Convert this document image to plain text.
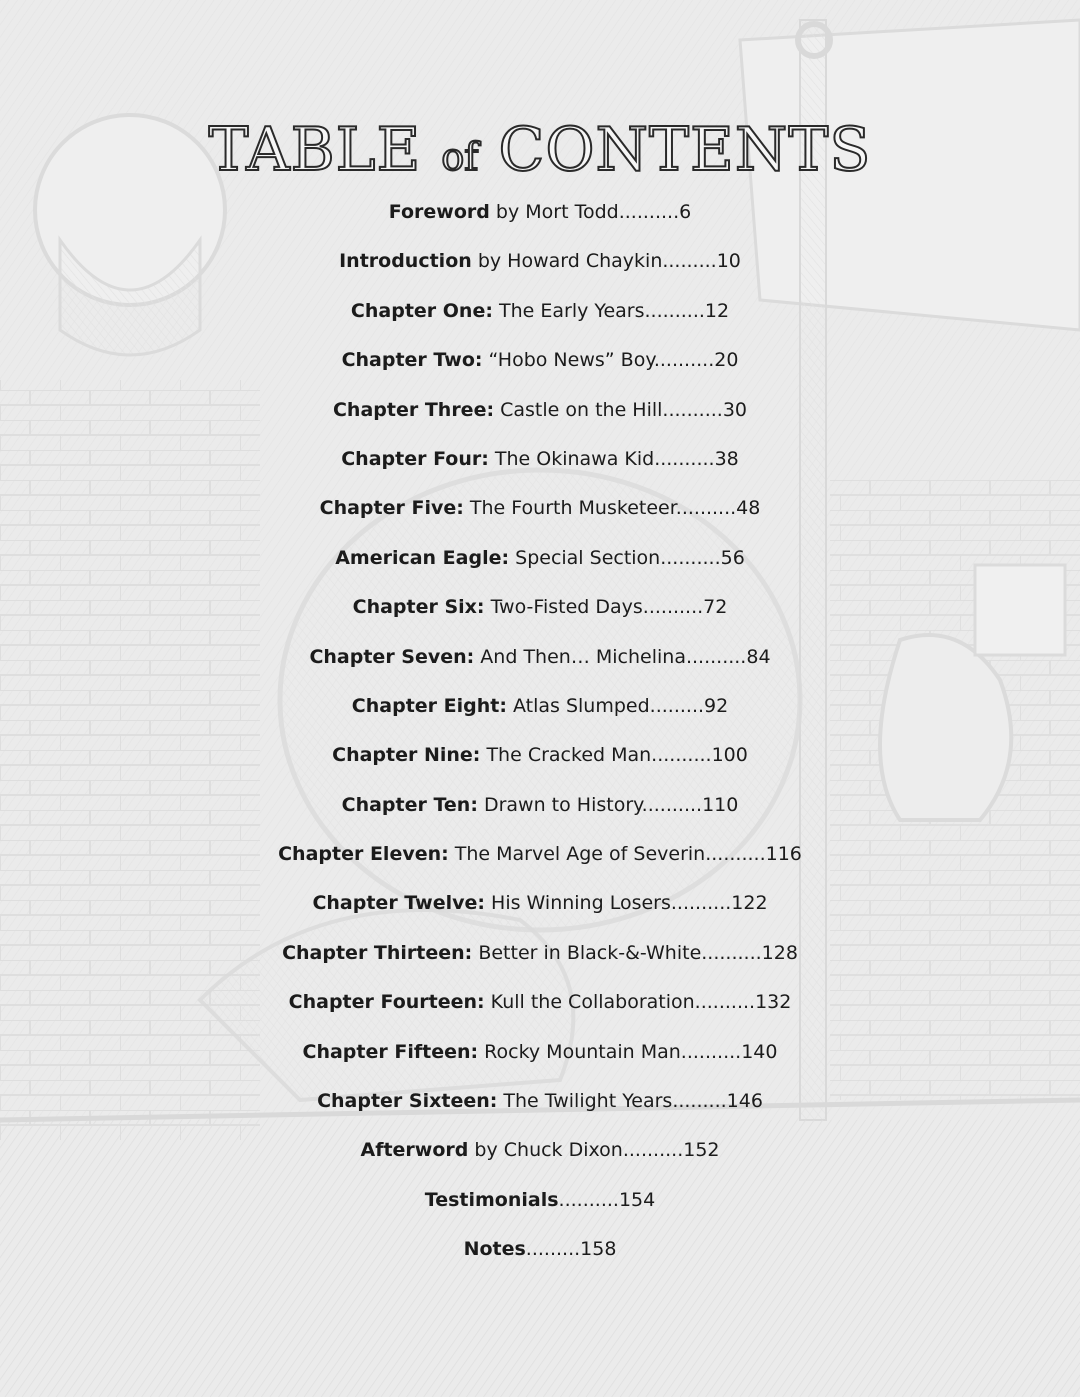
TABLE of CONTENTS
Foreword by Mort Todd..........6
Introduction by Howard Chaykin.........10
Chapter One: The Early Years..........12
Chapter Two: “Hobo News” Boy..........20
Chapter Three: Castle on the Hill..........30
Chapter Four: The Okinawa Kid..........38
Chapter Five: The Fourth Musketeer..........48
American Eagle: Special Section..........56
Chapter Six: Two-Fisted Days..........72
Chapter Seven: And Then… Michelina..........84
Chapter Eight: Atlas Slumped.........92
Chapter Nine: The Cracked Man..........100
Chapter Ten: Drawn to History..........110
Chapter Eleven: The Marvel Age of Severin..........116
Chapter Twelve: His Winning Losers..........122
Chapter Thirteen: Better in Black-&-White..........128
Chapter Fourteen: Kull the Collaboration..........132
Chapter Fifteen: Rocky Mountain Man..........140
Chapter Sixteen: The Twilight Years.........146
Afterword by Chuck Dixon..........152
Testimonials..........154
Notes.........158
